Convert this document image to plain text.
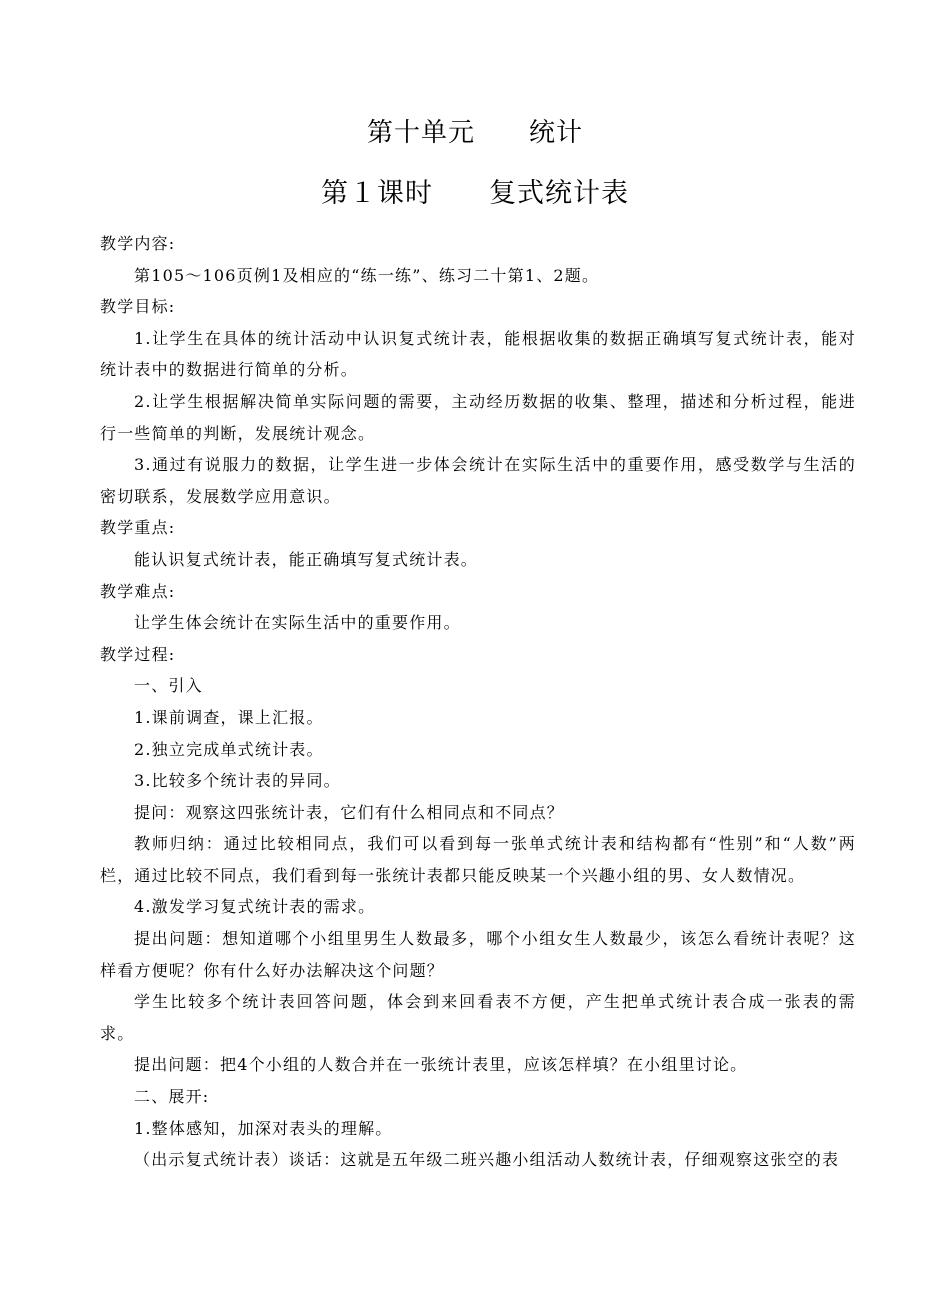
第十单元　　统计
第１课时　　复式统计表

教学内容:

第105～106页例1及相应的“练一练”、练习二十第1、2题。

教学目标:

1.让学生在具体的统计活动中认识复式统计表，能根据收集的数据正确填写复式统计表，能对统计表中的数据进行简单的分析。

2.让学生根据解决简单实际问题的需要，主动经历数据的收集、整理，描述和分析过程，能进行一些简单的判断，发展统计观念。

3.通过有说服力的数据，让学生进一步体会统计在实际生活中的重要作用，感受数学与生活的密切联系，发展数学应用意识。

教学重点:

能认识复式统计表，能正确填写复式统计表。

教学难点:

让学生体会统计在实际生活中的重要作用。

教学过程:

一、引入

1.课前调查，课上汇报。

2.独立完成单式统计表。

3.比较多个统计表的异同。

提问：观察这四张统计表，它们有什么相同点和不同点？

教师归纳：通过比较相同点，我们可以看到每一张单式统计表和结构都有“性别”和“人数”两栏，通过比较不同点，我们看到每一张统计表都只能反映某一个兴趣小组的男、女人数情况。

4.激发学习复式统计表的需求。

提出问题：想知道哪个小组里男生人数最多，哪个小组女生人数最少，该怎么看统计表呢？这样看方便呢？你有什么好办法解决这个问题？

学生比较多个统计表回答问题，体会到来回看表不方便，产生把单式统计表合成一张表的需求。

提出问题：把4个小组的人数合并在一张统计表里，应该怎样填？在小组里讨论。

二、展开:

1.整体感知，加深对表头的理解。

（出示复式统计表）谈话：这就是五年级二班兴趣小组活动人数统计表，仔细观察这张空的表
